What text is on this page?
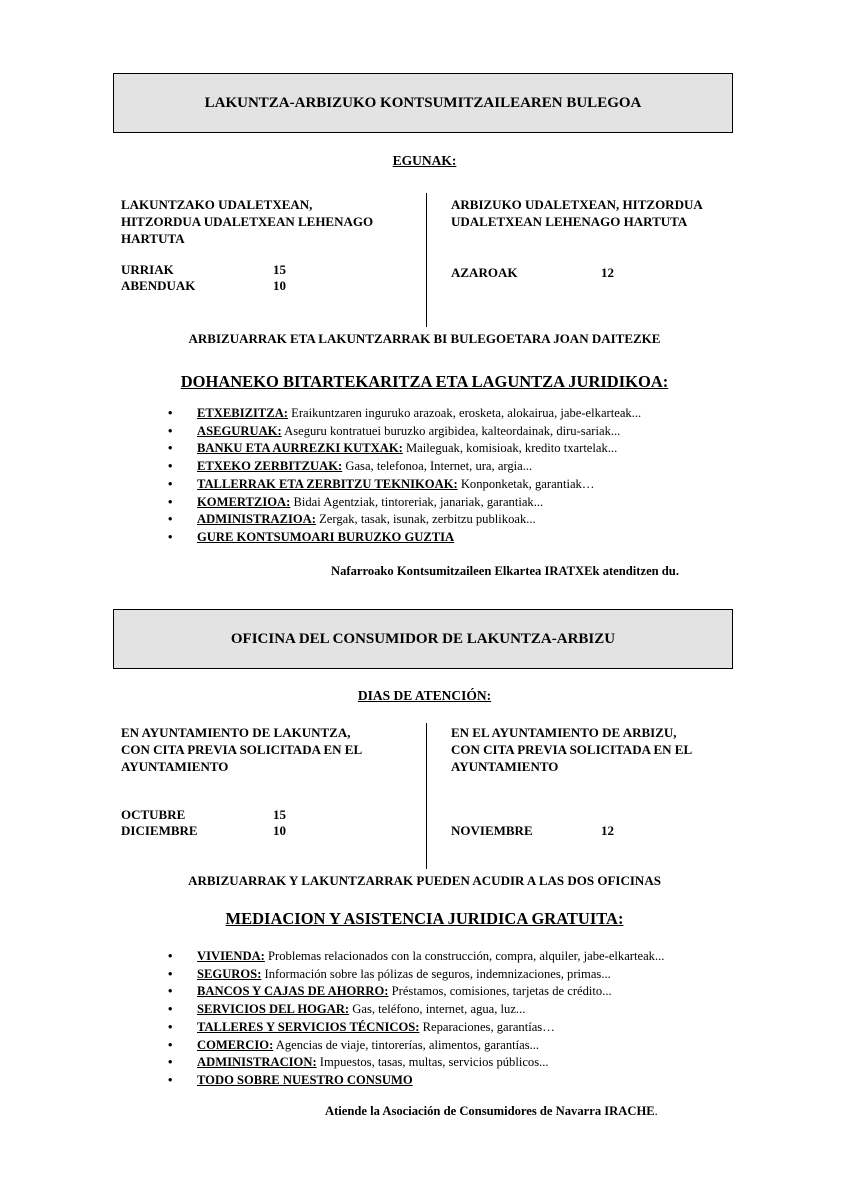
LAKUNTZA-ARBIZUKO KONTSUMITZAILEAREN BULEGOA
EGUNAK:
LAKUNTZAKO UDALETXEAN,
HITZORDUA UDALETXEAN LEHENAGO
HARTUTA
ARBIZUKO UDALETXEAN, HITZORDUA
UDALETXEAN LEHENAGO HARTUTA
URRIAK	15
ABENDUAK	10
AZAROAK	12
ARBIZUARRAK ETA LAKUNTZARRAK BI BULEGOETARA JOAN DAITEZKE
DOHANEKO BITARTEKARITZA ETA LAGUNTZA JURIDIKOA:
• ETXEBIZITZA: Eraikuntzaren inguruko arazoak, erosketa, alokairua, jabe-elkarteak...
• ASEGURUAK: Aseguru kontratuei buruzko argibidea, kalteordainak, diru-sariak...
• BANKU ETA AURREZKI KUTXAK: Maileguak, komisioak, kredito txartelak...
• ETXEKO ZERBITZUAK: Gasa, telefonoa, Internet, ura, argia...
• TALLERRAK ETA ZERBITZU TEKNIKOAK: Konponketak, garantiak…
• KOMERTZIOA: Bidai Agentziak, tintoreriak, janariak, garantiak...
• ADMINISTRAZIOA: Zergak, tasak, isunak, zerbitzu publikoak...
• GURE KONTSUMOARI BURUZKO GUZTIA
Nafarroako Kontsumitzaileen Elkartea IRATXEk atenditzen du.
OFICINA DEL CONSUMIDOR DE LAKUNTZA-ARBIZU
DIAS DE ATENCIÓN:
EN AYUNTAMIENTO DE LAKUNTZA,
CON CITA PREVIA SOLICITADA EN EL
AYUNTAMIENTO
EN EL AYUNTAMIENTO DE ARBIZU,
CON CITA PREVIA SOLICITADA EN EL
AYUNTAMIENTO
OCTUBRE	15
DICIEMBRE	10	NOVIEMBRE	12
ARBIZUARRAK Y LAKUNTZARRAK PUEDEN ACUDIR A LAS DOS OFICINAS
MEDIACION Y ASISTENCIA JURIDICA GRATUITA:
• VIVIENDA: Problemas relacionados con la construcción, compra, alquiler, jabe-elkarteak...
• SEGUROS: Información sobre las pólizas de seguros, indemnizaciones, primas...
• BANCOS Y CAJAS DE AHORRO: Préstamos, comisiones, tarjetas de crédito...
• SERVICIOS DEL HOGAR: Gas, teléfono, internet, agua, luz...
• TALLERES Y SERVICIOS TÉCNICOS: Reparaciones, garantías…
• COMERCIO: Agencias de viaje, tintorerías, alimentos, garantías...
• ADMINISTRACION: Impuestos, tasas, multas, servicios públicos...
• TODO SOBRE NUESTRO CONSUMO
Atiende la Asociación de Consumidores de Navarra IRACHE.
